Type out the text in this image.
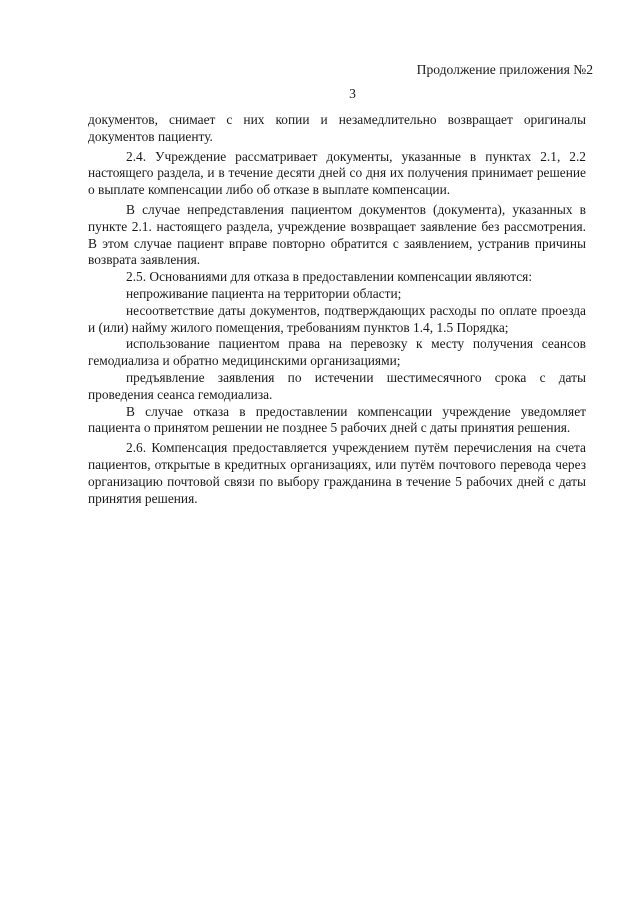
Продолжение приложения №2
3

документов, снимает с них копии и незамедлительно возвращает оригиналы документов пациенту.

2.4. Учреждение рассматривает документы, указанные в пунктах 2.1, 2.2 настоящего раздела, и в течение десяти дней со дня их получения принимает решение о выплате компенсации либо об отказе в выплате компенсации.

В случае непредставления пациентом документов (документа), указанных в пункте 2.1. настоящего раздела, учреждение возвращает заявление без рассмотрения. В этом случае пациент вправе повторно обратится с заявлением, устранив причины возврата заявления.

2.5. Основаниями для отказа в предоставлении компенсации являются:

непроживание пациента на территории области;

несоответствие даты документов, подтверждающих расходы по оплате проезда и (или) найму жилого помещения, требованиям пунктов 1.4, 1.5 Порядка;

использование пациентом права на перевозку к месту получения сеансов гемодиализа и обратно медицинскими организациями;

предъявление заявления по истечении шестимесячного срока с даты проведения сеанса гемодиализа.

В случае отказа в предоставлении компенсации учреждение уведомляет пациента о принятом решении не позднее 5 рабочих дней с даты принятия решения.

2.6. Компенсация предоставляется учреждением путём перечисления на счета пациентов, открытые в кредитных организациях, или путём почтового перевода через организацию почтовой связи по выбору гражданина в течение 5 рабочих дней с даты принятия решения.
